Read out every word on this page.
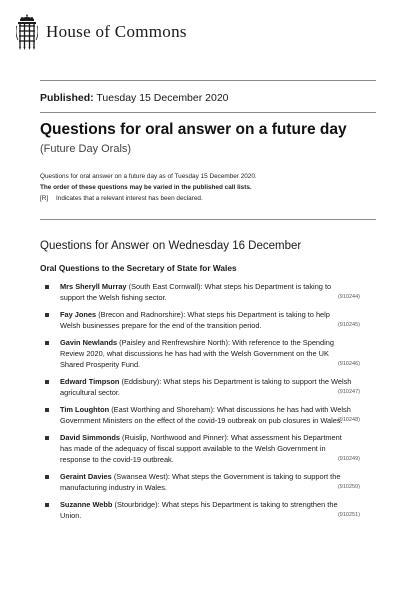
House of Commons
Published: Tuesday 15 December 2020
Questions for oral answer on a future day
(Future Day Orals)
Questions for oral answer on a future day as of Tuesday 15 December 2020.
The order of these questions may be varied in the published call lists.
[R] Indicates that a relevant interest has been declared.
Questions for Answer on Wednesday 16 December
Oral Questions to the Secretary of State for Wales
Mrs Sheryll Murray (South East Cornwall): What steps his Department is taking to support the Welsh fishing sector.	(910244)
Fay Jones (Brecon and Radnorshire): What steps his Department is taking to help Welsh businesses prepare for the end of the transition period.	(910245)
Gavin Newlands (Paisley and Renfrewshire North): With reference to the Spending Review 2020, what discussions he has had with the Welsh Government on the UK Shared Prosperity Fund.	(910246)
Edward Timpson (Eddisbury): What steps his Department is taking to support the Welsh agricultural sector.	(910247)
Tim Loughton (East Worthing and Shoreham): What discussions he has had with Welsh Government Ministers on the effect of the covid-19 outbreak on pub closures in Wales.
(910248)
David Simmonds (Ruislip, Northwood and Pinner): What assessment his Department has made of the adequacy of fiscal support available to the Welsh Government in response to the covid-19 outbreak.	(910249)
Geraint Davies (Swansea West): What steps the Government is taking to support the manufacturing industry in Wales.	(910250)
Suzanne Webb (Stourbridge): What steps his Department is taking to strengthen the Union.	(910251)
